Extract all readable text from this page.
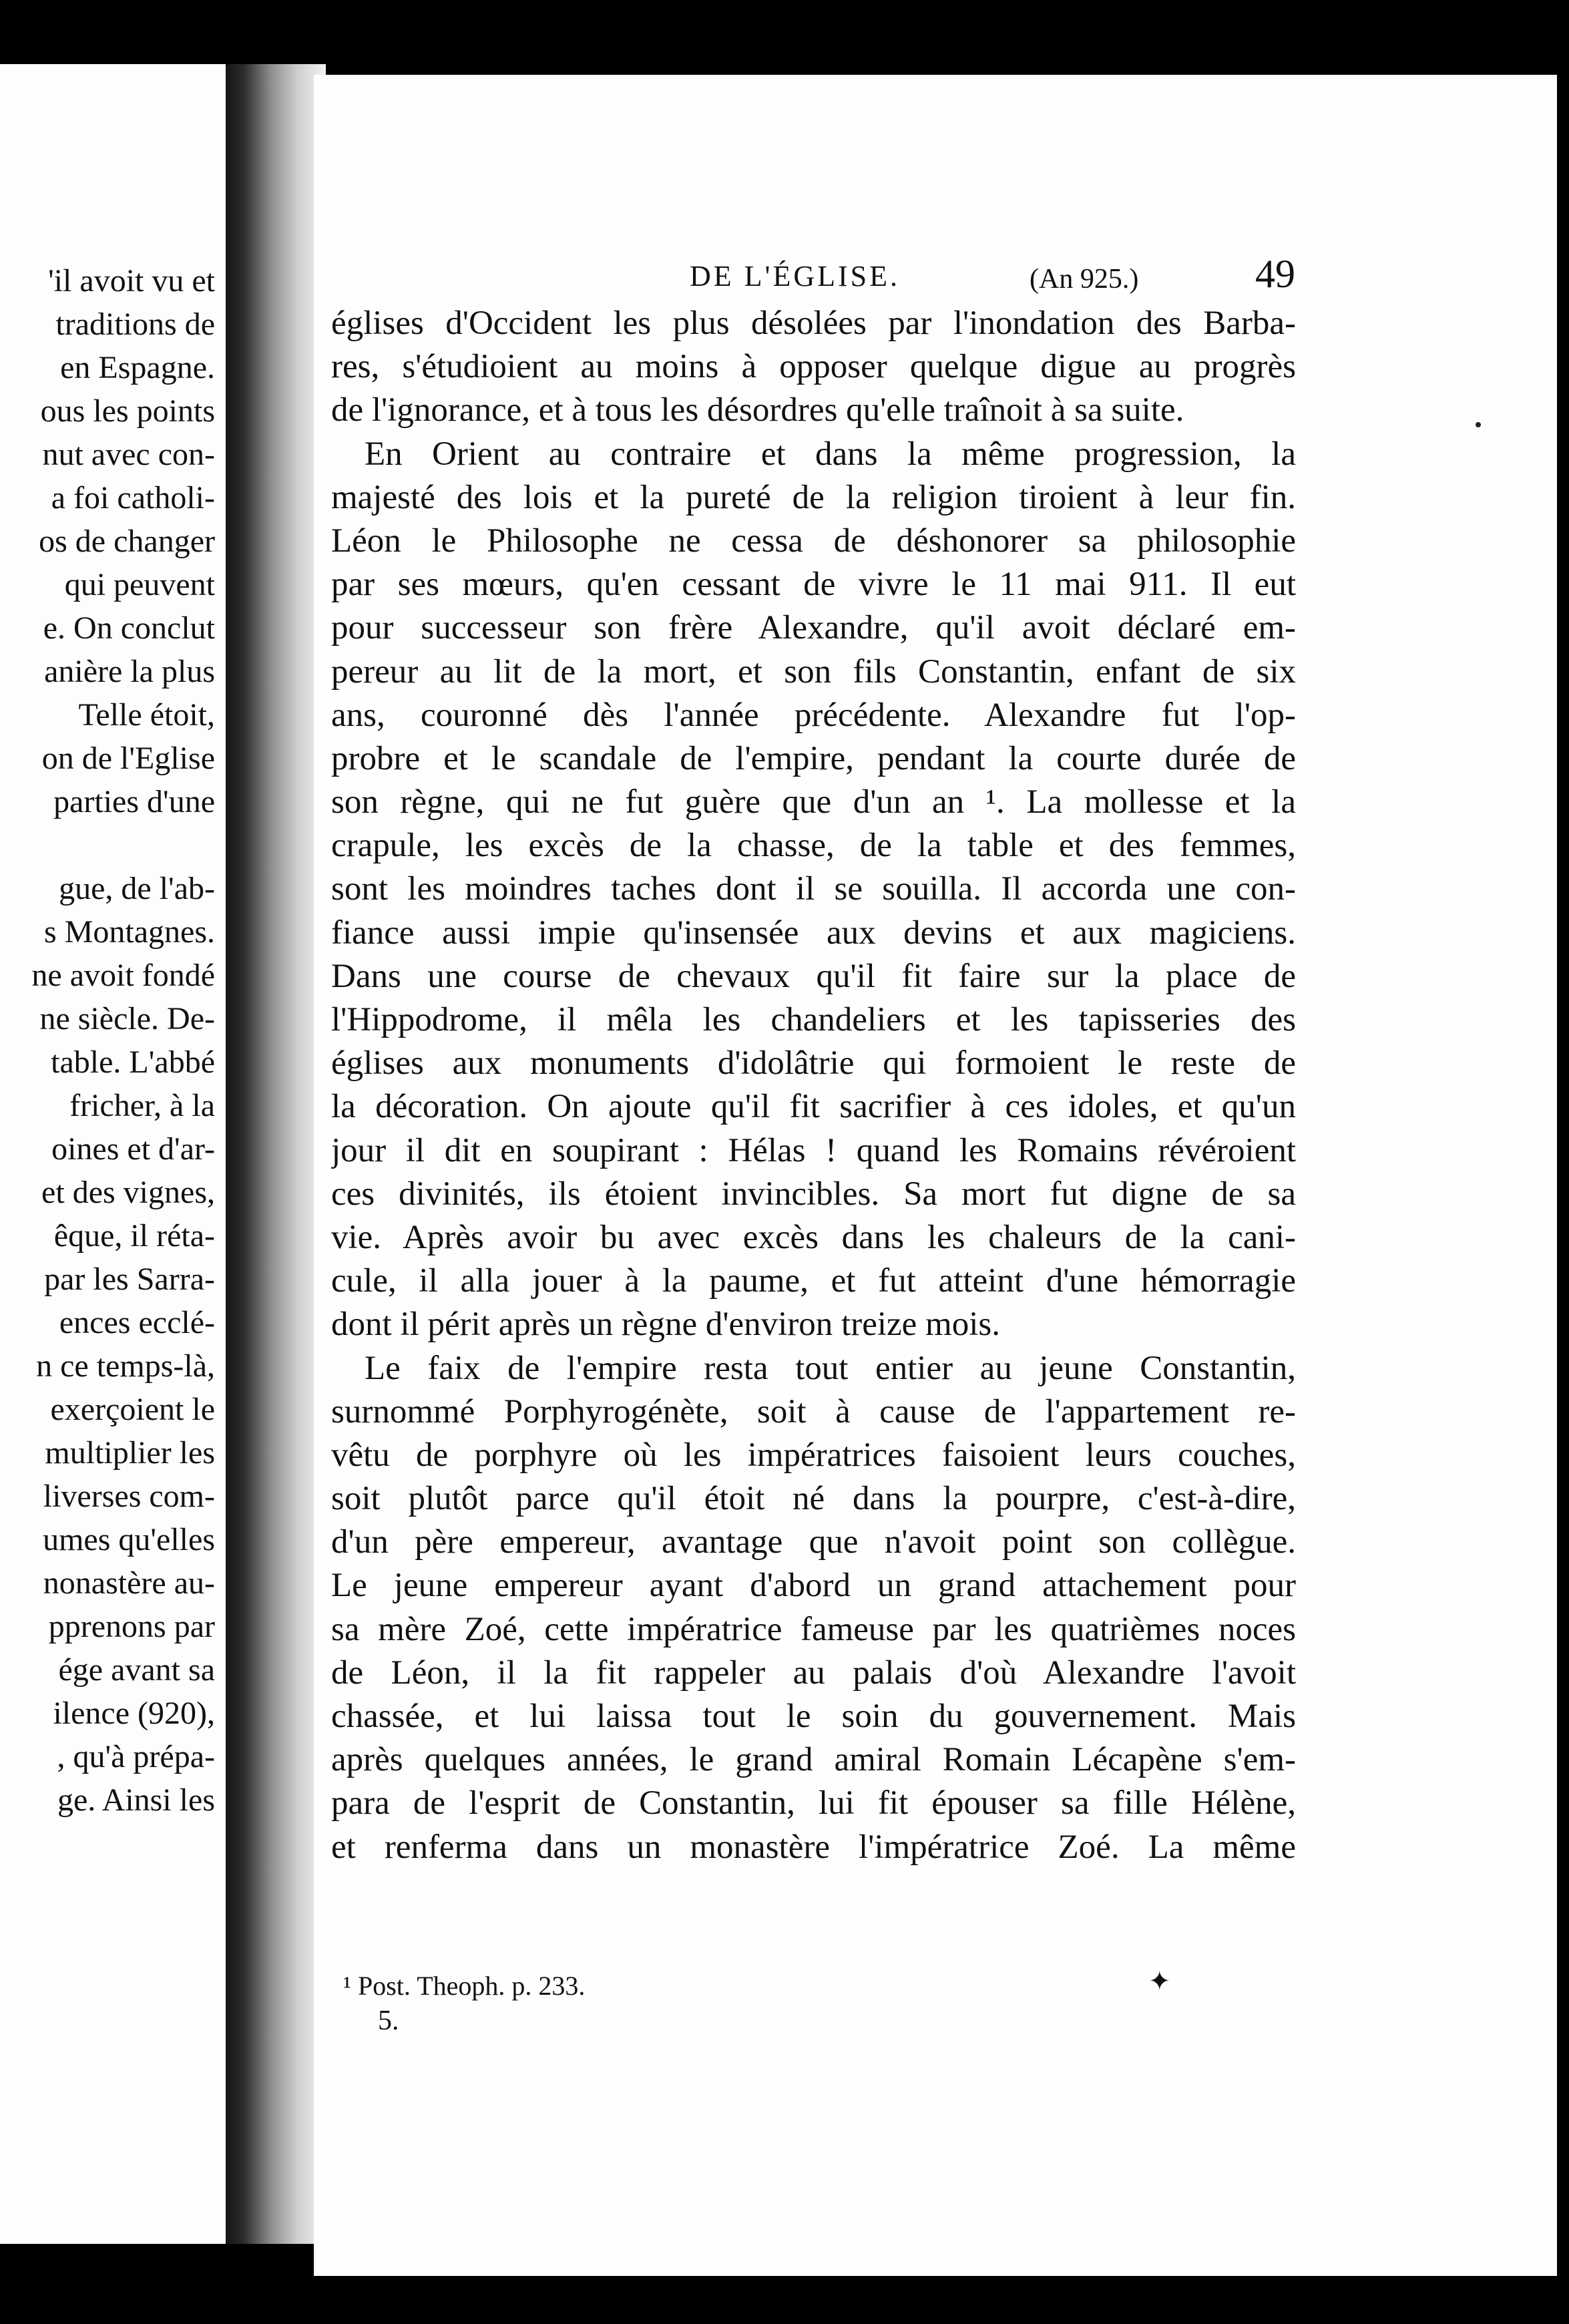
'il avoit vu et
traditions de
en Espagne.
ous les points
nut avec con-
a foi catholi-
os de changer
qui peuvent
e. On conclut
anière la plus
Telle étoit,
on de l'Eglise
parties d'une
gue, de l'ab-
s Montagnes.
ne avoit fondé
ne siècle. De-
table. L'abbé
fricher, à la
oines et d'ar-
et des vignes,
êque, il réta-
par les Sarra-
ences ecclé-
n ce temps-là,
exerçoient le
multiplier les
liverses com-
umes qu'elles
nonastère au-
pprenons par
ége avant sa
ilence (920),
, qu'à prépa-
ge. Ainsi les
DE L'ÉGLISE.	(An 925.)	49
églises d'Occident les plus désolées par l'inondation des Barba-
res, s'étudioient au moins à opposer quelque digue au progrès
de l'ignorance, et à tous les désordres qu'elle traînoit à sa suite.
En Orient au contraire et dans la même progression, la
majesté des lois et la pureté de la religion tiroient à leur fin.
Léon le Philosophe ne cessa de déshonorer sa philosophie
par ses mœurs, qu'en cessant de vivre le 11 mai 911. Il eut
pour successeur son frère Alexandre, qu'il avoit déclaré em-
pereur au lit de la mort, et son fils Constantin, enfant de six
ans, couronné dès l'année précédente. Alexandre fut l'op-
probre et le scandale de l'empire, pendant la courte durée de
son règne, qui ne fut guère que d'un an ¹. La mollesse et la
crapule, les excès de la chasse, de la table et des femmes,
sont les moindres taches dont il se souilla. Il accorda une con-
fiance aussi impie qu'insensée aux devins et aux magiciens.
Dans une course de chevaux qu'il fit faire sur la place de
l'Hippodrome, il mêla les chandeliers et les tapisseries des
églises aux monuments d'idolâtrie qui formoient le reste de
la décoration. On ajoute qu'il fit sacrifier à ces idoles, et qu'un
jour il dit en soupirant : Hélas ! quand les Romains révéroient
ces divinités, ils étoient invincibles. Sa mort fut digne de sa
vie. Après avoir bu avec excès dans les chaleurs de la cani-
cule, il alla jouer à la paume, et fut atteint d'une hémorragie
dont il périt après un règne d'environ treize mois.
Le faix de l'empire resta tout entier au jeune Constantin,
surnommé Porphyrogénète, soit à cause de l'appartement re-
vêtu de porphyre où les impératrices faisoient leurs couches,
soit plutôt parce qu'il étoit né dans la pourpre, c'est-à-dire,
d'un père empereur, avantage que n'avoit point son collègue.
Le jeune empereur ayant d'abord un grand attachement pour
sa mère Zoé, cette impératrice fameuse par les quatrièmes noces
de Léon, il la fit rappeler au palais d'où Alexandre l'avoit
chassée, et lui laissa tout le soin du gouvernement. Mais
après quelques années, le grand amiral Romain Lécapène s'em-
para de l'esprit de Constantin, lui fit épouser sa fille Hélène,
et renferma dans un monastère l'impératrice Zoé. La même
¹ Post. Theoph. p. 233.
5.
✦
